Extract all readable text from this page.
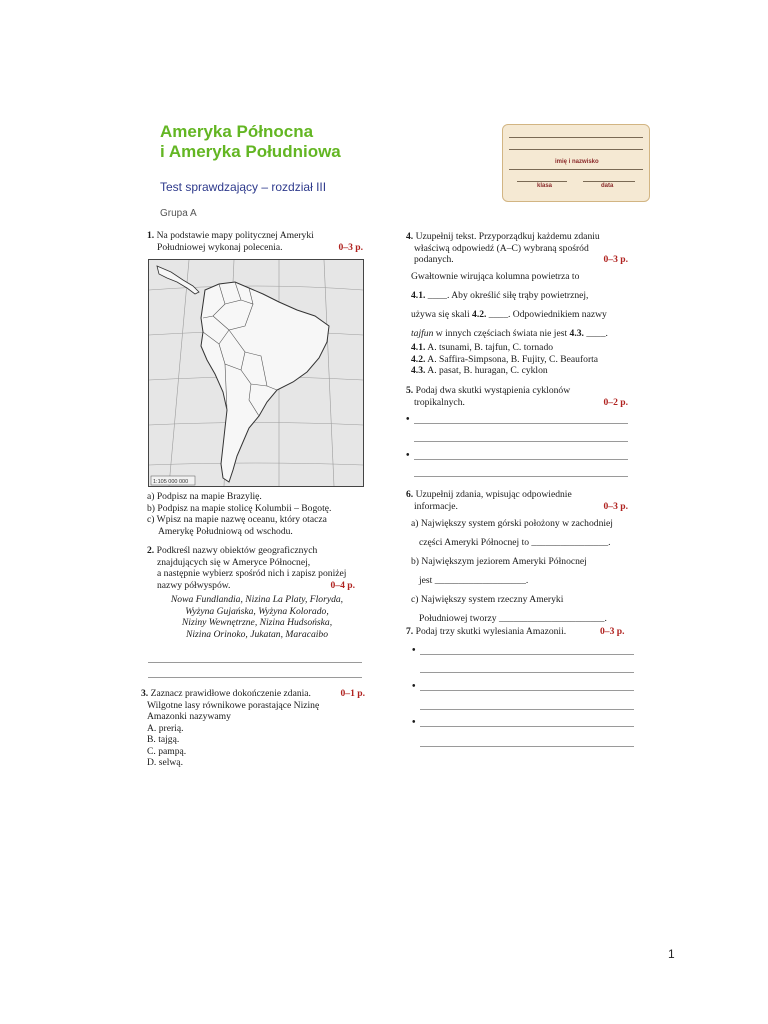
Ameryka Północna
i Ameryka Południowa
Test sprawdzający – rozdział III
Grupa A
imię i nazwisko
klasa	data
1. Na podstawie mapy politycznej Ameryki
Południowej wykonaj polecenia.	0–3 p.
1:105 000 000
a) Podpisz na mapie Brazylię.
b) Podpisz na mapie stolicę Kolumbii – Bogotę.
c) Wpisz na mapie nazwę oceanu, który otacza
Amerykę Południową od wschodu.
2. Podkreśl nazwy obiektów geograficznych
znajdujących się w Ameryce Północnej,
a następnie wybierz spośród nich i zapisz poniżej
nazwy półwyspów.	0–4 p.
Nowa Fundlandia, Nizina La Platy, Floryda,
Wyżyna Gujańska, Wyżyna Kolorado,
Niziny Wewnętrzne, Nizina Hudsońska,
Nizina Orinoko, Jukatan, Maracaibo
3. Zaznacz prawidłowe dokończenie zdania.	0–1 p.
Wilgotne lasy równikowe porastające Nizinę
Amazonki nazywamy
A. prerią.
B. tajgą.
C. pampą.
D. selwą.
4. Uzupełnij tekst. Przyporządkuj każdemu zdaniu
właściwą odpowiedź (A–C) wybraną spośród
podanych.	0–3 p.
Gwałtownie wirująca kolumna powietrza to
4.1. ____. Aby określić siłę trąby powietrznej,
używa się skali 4.2. ____. Odpowiednikiem nazwy
tajfun w innych częściach świata nie jest 4.3. ____.
4.1. A. tsunami, B. tajfun, C. tornado
4.2. A. Saffira-Simpsona, B. Fujity, C. Beauforta
4.3. A. pasat, B. huragan, C. cyklon
5. Podaj dwa skutki wystąpienia cyklonów
tropikalnych.	0–2 p.
•
•
6. Uzupełnij zdania, wpisując odpowiednie
informacje.	0–3 p.
a) Największy system górski położony w zachodniej
części Ameryki Północnej to ________________.
b) Największym jeziorem Ameryki Północnej
jest ___________________.
c) Największy system rzeczny Ameryki
Południowej tworzy ______________________.
7. Podaj trzy skutki wylesiania Amazonii.	0–3 p.
•
•
•
1
